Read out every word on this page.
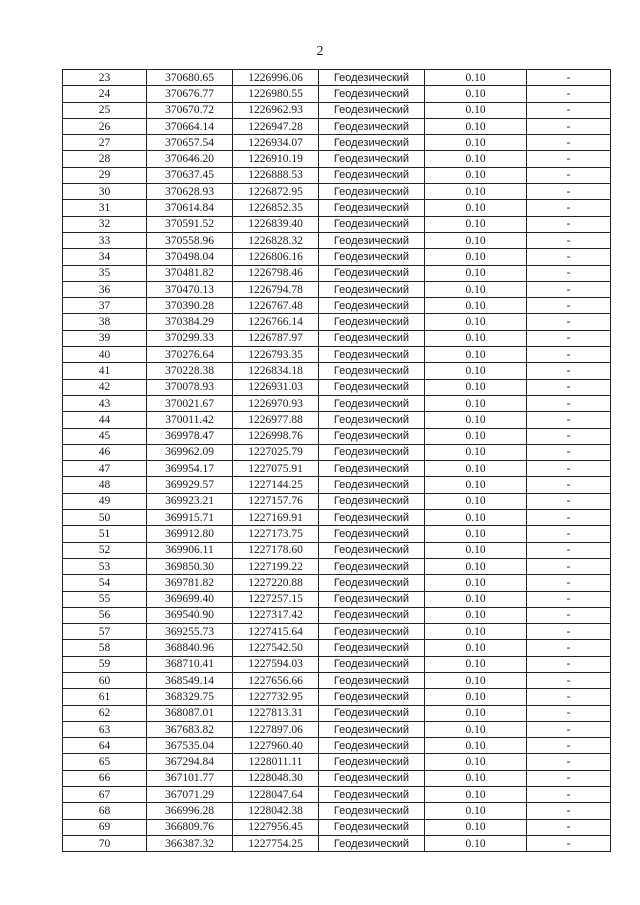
2
23	370680.65	1226996.06	Геодезический	0.10	-
24	370676.77	1226980.55	Геодезический	0.10	-
25	370670.72	1226962.93	Геодезический	0.10	-
26	370664.14	1226947.28	Геодезический	0.10	-
27	370657.54	1226934.07	Геодезический	0.10	-
28	370646.20	1226910.19	Геодезический	0.10	-
29	370637.45	1226888.53	Геодезический	0.10	-
30	370628.93	1226872.95	Геодезический	0.10	-
31	370614.84	1226852.35	Геодезический	0.10	-
32	370591.52	1226839.40	Геодезический	0.10	-
33	370558.96	1226828.32	Геодезический	0.10	-
34	370498.04	1226806.16	Геодезический	0.10	-
35	370481.82	1226798.46	Геодезический	0.10	-
36	370470.13	1226794.78	Геодезический	0.10	-
37	370390.28	1226767.48	Геодезический	0.10	-
38	370384.29	1226766.14	Геодезический	0.10	-
39	370299.33	1226787.97	Геодезический	0.10	-
40	370276.64	1226793.35	Геодезический	0.10	-
41	370228.38	1226834.18	Геодезический	0.10	-
42	370078.93	1226931.03	Геодезический	0.10	-
43	370021.67	1226970.93	Геодезический	0.10	-
44	370011.42	1226977.88	Геодезический	0.10	-
45	369978.47	1226998.76	Геодезический	0.10	-
46	369962.09	1227025.79	Геодезический	0.10	-
47	369954.17	1227075.91	Геодезический	0.10	-
48	369929.57	1227144.25	Геодезический	0.10	-
49	369923.21	1227157.76	Геодезический	0.10	-
50	369915.71	1227169.91	Геодезический	0.10	-
51	369912.80	1227173.75	Геодезический	0.10	-
52	369906.11	1227178.60	Геодезический	0.10	-
53	369850.30	1227199.22	Геодезический	0.10	-
54	369781.82	1227220.88	Геодезический	0.10	-
55	369699.40	1227257.15	Геодезический	0.10	-
56	369540.90	1227317.42	Геодезический	0.10	-
57	369255.73	1227415.64	Геодезический	0.10	-
58	368840.96	1227542.50	Геодезический	0.10	-
59	368710.41	1227594.03	Геодезический	0.10	-
60	368549.14	1227656.66	Геодезический	0.10	-
61	368329.75	1227732.95	Геодезический	0.10	-
62	368087.01	1227813.31	Геодезический	0.10	-
63	367683.82	1227897.06	Геодезический	0.10	-
64	367535.04	1227960.40	Геодезический	0.10	-
65	367294.84	1228011.11	Геодезический	0.10	-
66	367101.77	1228048.30	Геодезический	0.10	-
67	367071.29	1228047.64	Геодезический	0.10	-
68	366996.28	1228042.38	Геодезический	0.10	-
69	366809.76	1227956.45	Геодезический	0.10	-
70	366387.32	1227754.25	Геодезический	0.10	-
